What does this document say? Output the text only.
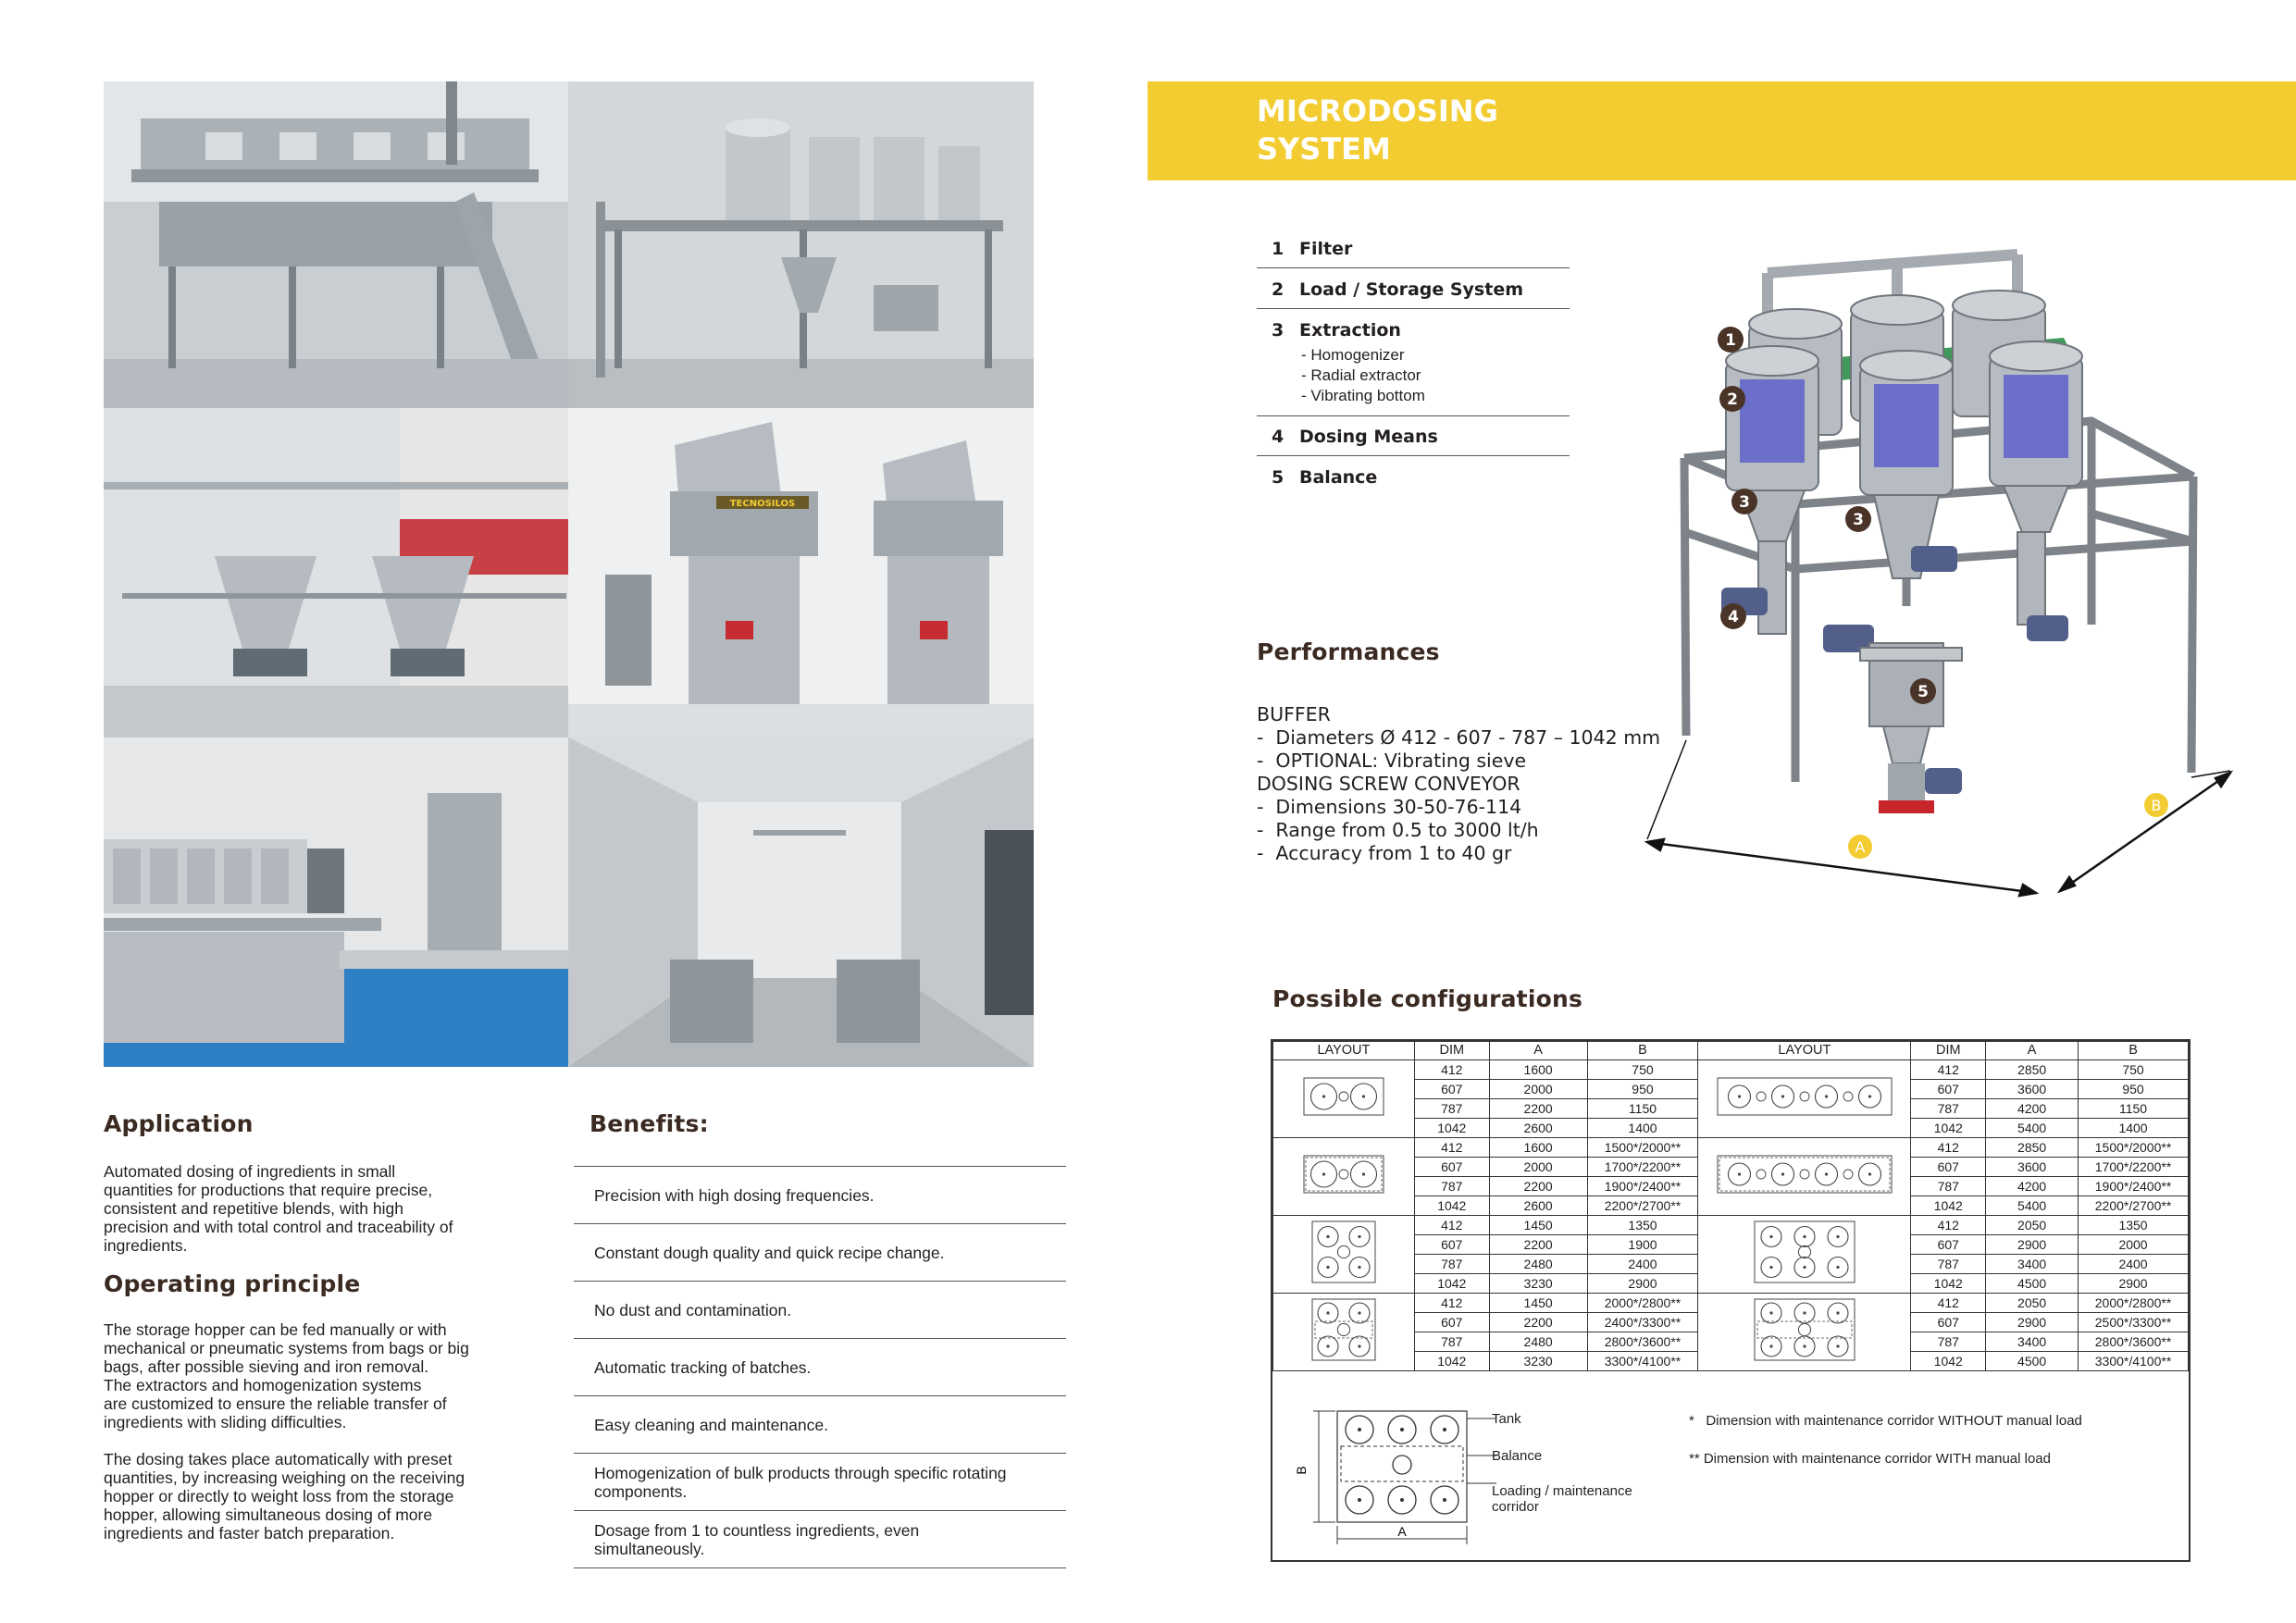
TECNOSILOS
Application
Automated dosing of ingredients in small
quantities for productions that require precise,
consistent and repetitive blends, with high
precision and with total control and traceability of
ingredients.
Operating principle
The storage hopper can be fed manually or with
mechanical or pneumatic systems from bags or big
bags, after possible sieving and iron removal.
The extractors and homogenization systems
are customized to ensure the reliable transfer of
ingredients with sliding difficulties.
The dosing takes place automatically with preset
quantities, by increasing weighing on the receiving
hopper or directly to weight loss from the storage
hopper, allowing simultaneous dosing of more
ingredients and faster batch preparation.
Benefits:
Precision with high dosing frequencies.
Constant dough quality and quick recipe change.
No dust and contamination.
Automatic tracking of batches.
Easy cleaning and maintenance.
Homogenization of bulk products through specific rotating
components.
Dosage from 1 to countless ingredients, even
simultaneously.
MICRODOSING
SYSTEM
1 Filter
2 Load / Storage System
3 Extraction
- Homogenizer
- Radial extractor
- Vibrating bottom
4 Dosing Means
5 Balance
A
B
1
2
3
3
4
5
Performances
BUFFER
-  Diameters Ø 412 - 607 - 787 – 1042 mm
-  OPTIONAL: Vibrating sieve
DOSING SCREW CONVEYOR
-  Dimensions 30-50-76-114
-  Range from 0.5 to 3000 lt/h
-  Accuracy from 1 to 40 gr
Possible configurations
LAYOUT	DIM	A	B	LAYOUT	DIM	A	B
	412	1600	750		412	2850	750
	607	2000	950		607	3600	950
	787	2200	1150		787	4200	1150
	1042	2600	1400		1042	5400	1400
	412	1600	1500*/2000**		412	2850	1500*/2000**
	607	2000	1700*/2200**		607	3600	1700*/2200**
	787	2200	1900*/2400**		787	4200	1900*/2400**
	1042	2600	2200*/2700**		1042	5400	2200*/2700**
	412	1450	1350		412	2050	1350
	607	2200	1900		607	2900	2000
	787	2480	2400		787	3400	2400
	1042	3230	2900		1042	4500	2900
	412	1450	2000*/2800**		412	2050	2000*/2800**
	607	2200	2400*/3300**		607	2900	2500*/3300**
	787	2480	2800*/3600**		787	3400	2800*/3600**
	1042	3230	3300*/4100**		1042	4500	3300*/4100**
B
A
Tank
Balance
Loading / maintenance
corridor
*   Dimension with maintenance corridor WITHOUT manual load
** Dimension with maintenance corridor WITH manual load
